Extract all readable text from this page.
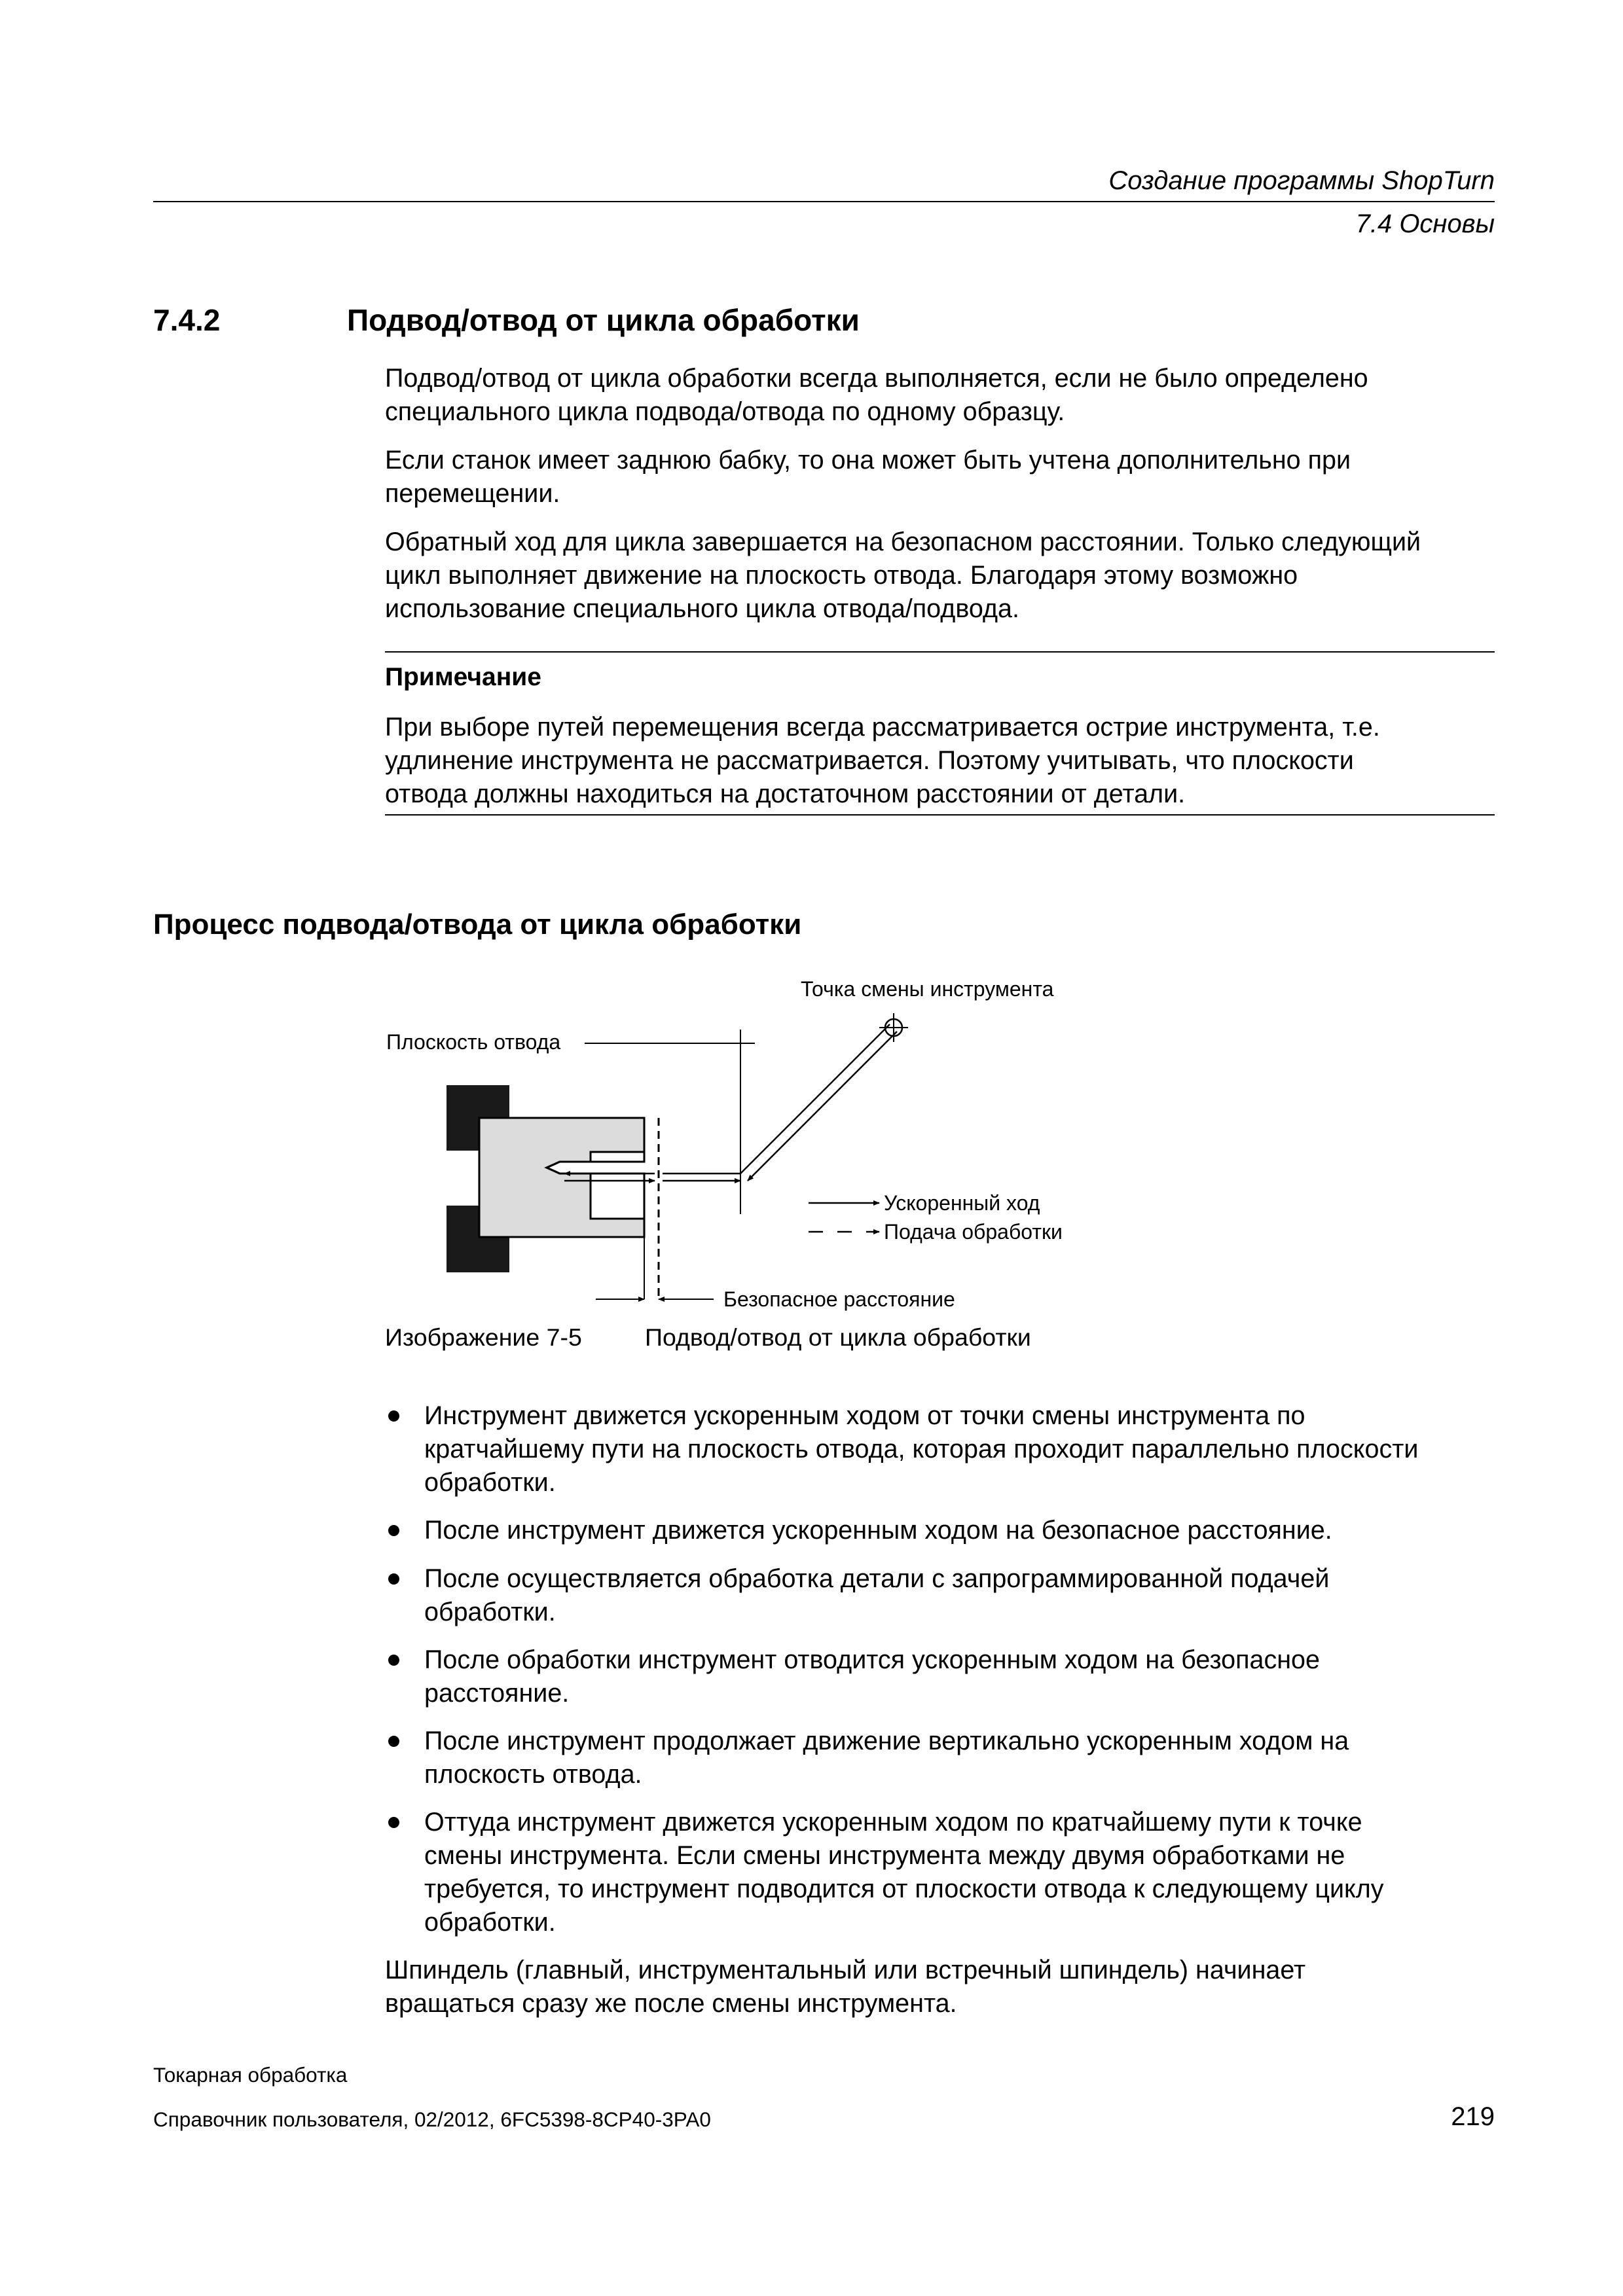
Создание программы ShopTurn
7.4 Основы
7.4.2	Подвод/отвод от цикла обработки
Подвод/отвод от цикла обработки всегда выполняется, если не было определено
специального цикла подвода/отвода по одному образцу.
Если станок имеет заднюю бабку, то она может быть учтена дополнительно при
перемещении.
Обратный ход для цикла завершается на безопасном расстоянии. Только следующий
цикл выполняет движение на плоскость отвода. Благодаря этому возможно
использование специального цикла отвода/подвода.
Примечание
При выборе путей перемещения всегда рассматривается острие инструмента, т.е.
удлинение инструмента не рассматривается. Поэтому учитывать, что плоскости
отвода должны находиться на достаточном расстоянии от детали.
Процесс подвода/отвода от цикла обработки
Точка смены инструмента
Плоскость отвода
Ускоренный ход
Подача обработки
Безопасное расстояние
Изображение 7-5	Подвод/отвод от цикла обработки
Инструмент движется ускоренным ходом от точки смены инструмента по
кратчайшему пути на плоскость отвода, которая проходит параллельно плоскости
обработки.
После инструмент движется ускоренным ходом на безопасное расстояние.
После осуществляется обработка детали с запрограммированной подачей
обработки.
После обработки инструмент отводится ускоренным ходом на безопасное
расстояние.
После инструмент продолжает движение вертикально ускоренным ходом на
плоскость отвода.
Оттуда инструмент движется ускоренным ходом по кратчайшему пути к точке
смены инструмента. Если смены инструмента между двумя обработками не
требуется, то инструмент подводится от плоскости отвода к следующему циклу
обработки.
Шпиндель (главный, инструментальный или встречный шпиндель) начинает
вращаться сразу же после смены инструмента.
Токарная обработка
Справочник пользователя, 02/2012, 6FC5398-8CP40-3PA0	219
